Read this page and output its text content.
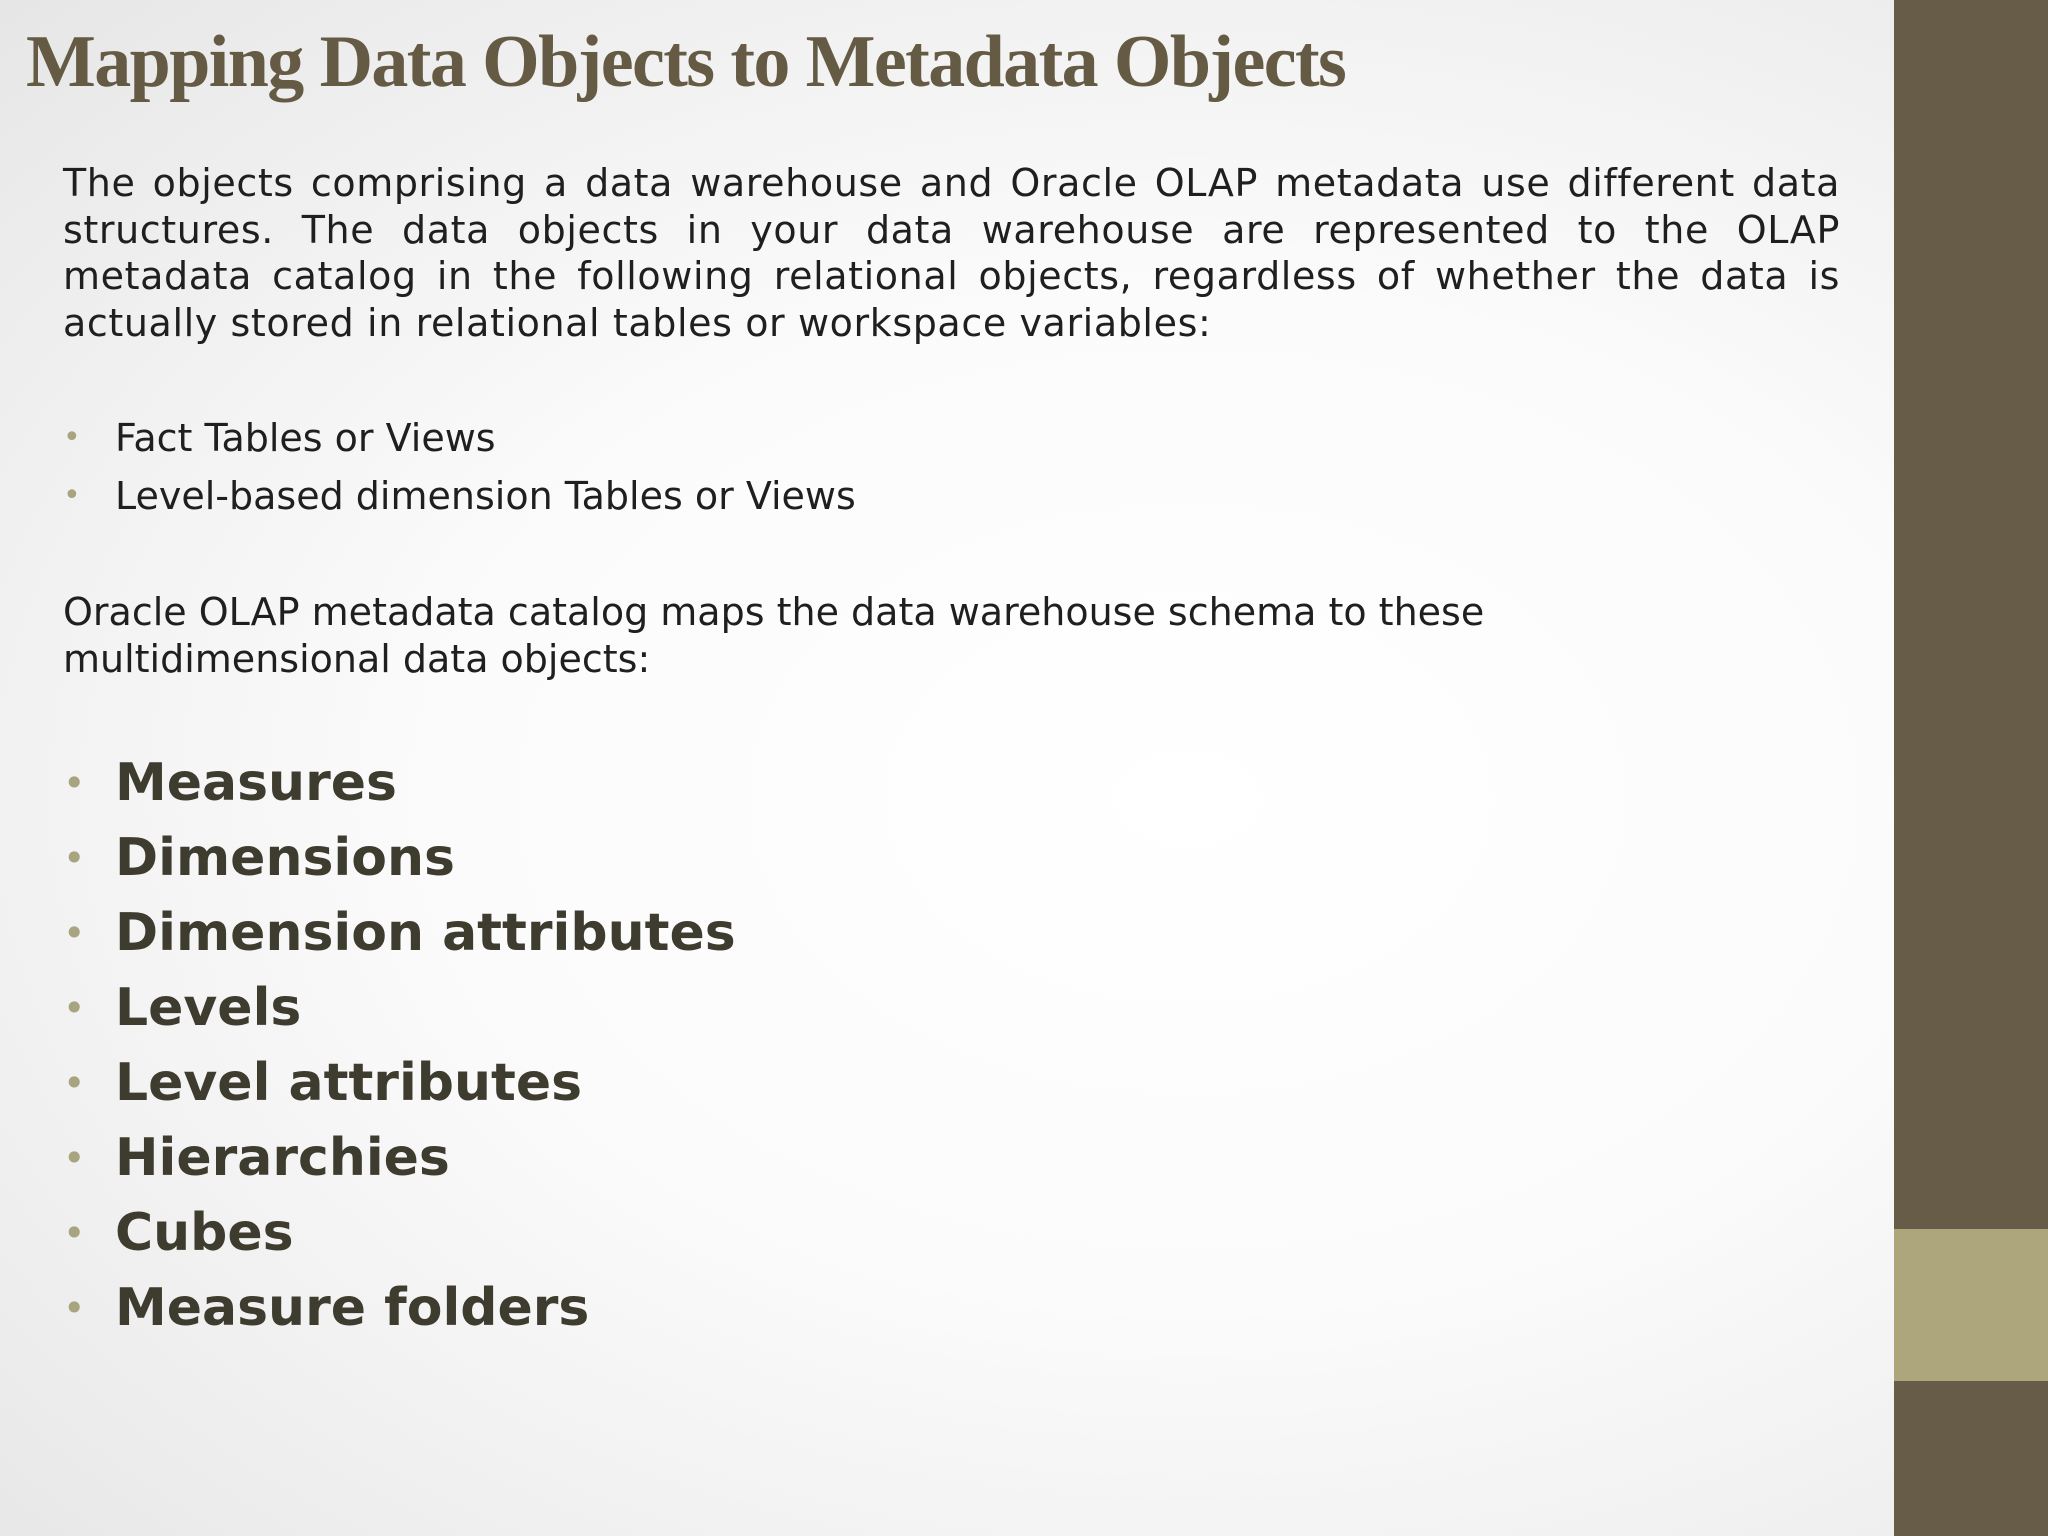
Mapping Data Objects to Metadata Objects

The objects comprising a data warehouse and Oracle OLAP metadata use different data structures. The data objects in your data warehouse are represented to the OLAP metadata catalog in the following relational objects, regardless of whether the data is actually stored in relational tables or workspace variables:

• Fact Tables or Views
• Level-based dimension Tables or Views

Oracle OLAP metadata catalog maps the data warehouse schema to these multidimensional data objects:

• Measures
• Dimensions
• Dimension attributes
• Levels
• Level attributes
• Hierarchies
• Cubes
• Measure folders
